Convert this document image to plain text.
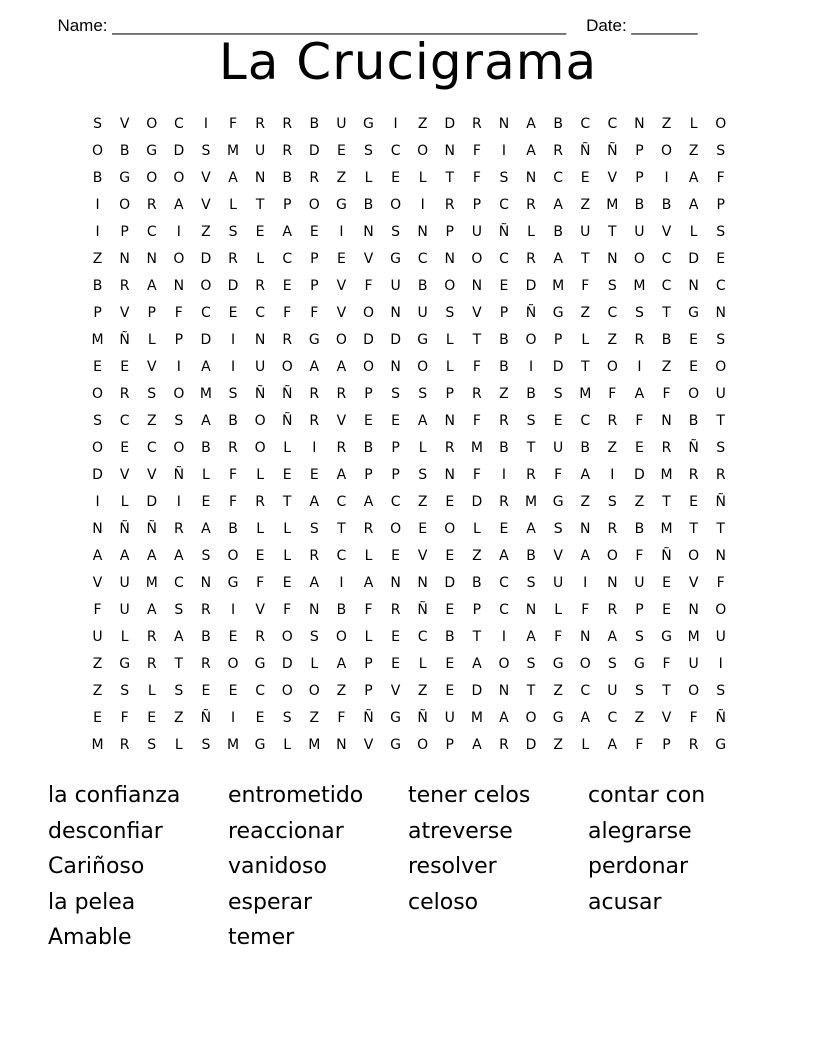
Name: ________________________________________________ Date: _______

La Crucigrama
S V O C I F R R B U G I Z D R N A B C C N Z L O
O B G D S M U R D E S C O N F I A R Ñ Ñ P O Z S
B G O O V A N B R Z L E L T F S N C E V P I A F
I O R A V L T P O G B O I R P C R A Z M B B A P
I P C I Z S E A E I N S N P U Ñ L B U T U V L S
Z N N O D R L C P E V G C N O C R A T N O C D E
B R A N O D R E P V F U B O N E D M F S M C N C
P V P F C E C F F V O N U S V P Ñ G Z C S T G N
M Ñ L P D I N R G O D D G L T B O P L Z R B E S
E E V I A I U O A A O N O L F B I D T O I Z E O
O R S O M S Ñ Ñ R R P S S P R Z B S M F A F O U
S C Z S A B O Ñ R V E E A N F R S E C R F N B T
O E C O B R O L I R B P L R M B T U B Z E R Ñ S
D V V Ñ L F L E E A P P S N F I R F A I D M R R
I L D I E F R T A C A C Z E D R M G Z S Z T E Ñ
N Ñ Ñ R A B L L S T R O E O L E A S N R B M T T
A A A A S O E L R C L E V E Z A B V A O F Ñ O N
V U M C N G F E A I A N N D B C S U I N U E V F
F U A S R I V F N B F R Ñ E P C N L F R P E N O
U L R A B E R O S O L E C B T I A F N A S G M U
Z G R T R O G D L A P E L E A O S G O S G F U I
Z S L S E E C O O Z P V Z E D N T Z C U S T O S
E F E Z Ñ I E S Z F Ñ G Ñ U M A O G A C Z V F Ñ
M R S L S M G L M N V G O P A R D Z L A F P R G
la confianza	entrometido	tener celos	contar con
desconfiar	reaccionar	atreverse	alegrarse
Cariñoso	vanidoso	resolver	perdonar
la pelea	esperar	celoso	acusar
Amable	temer
